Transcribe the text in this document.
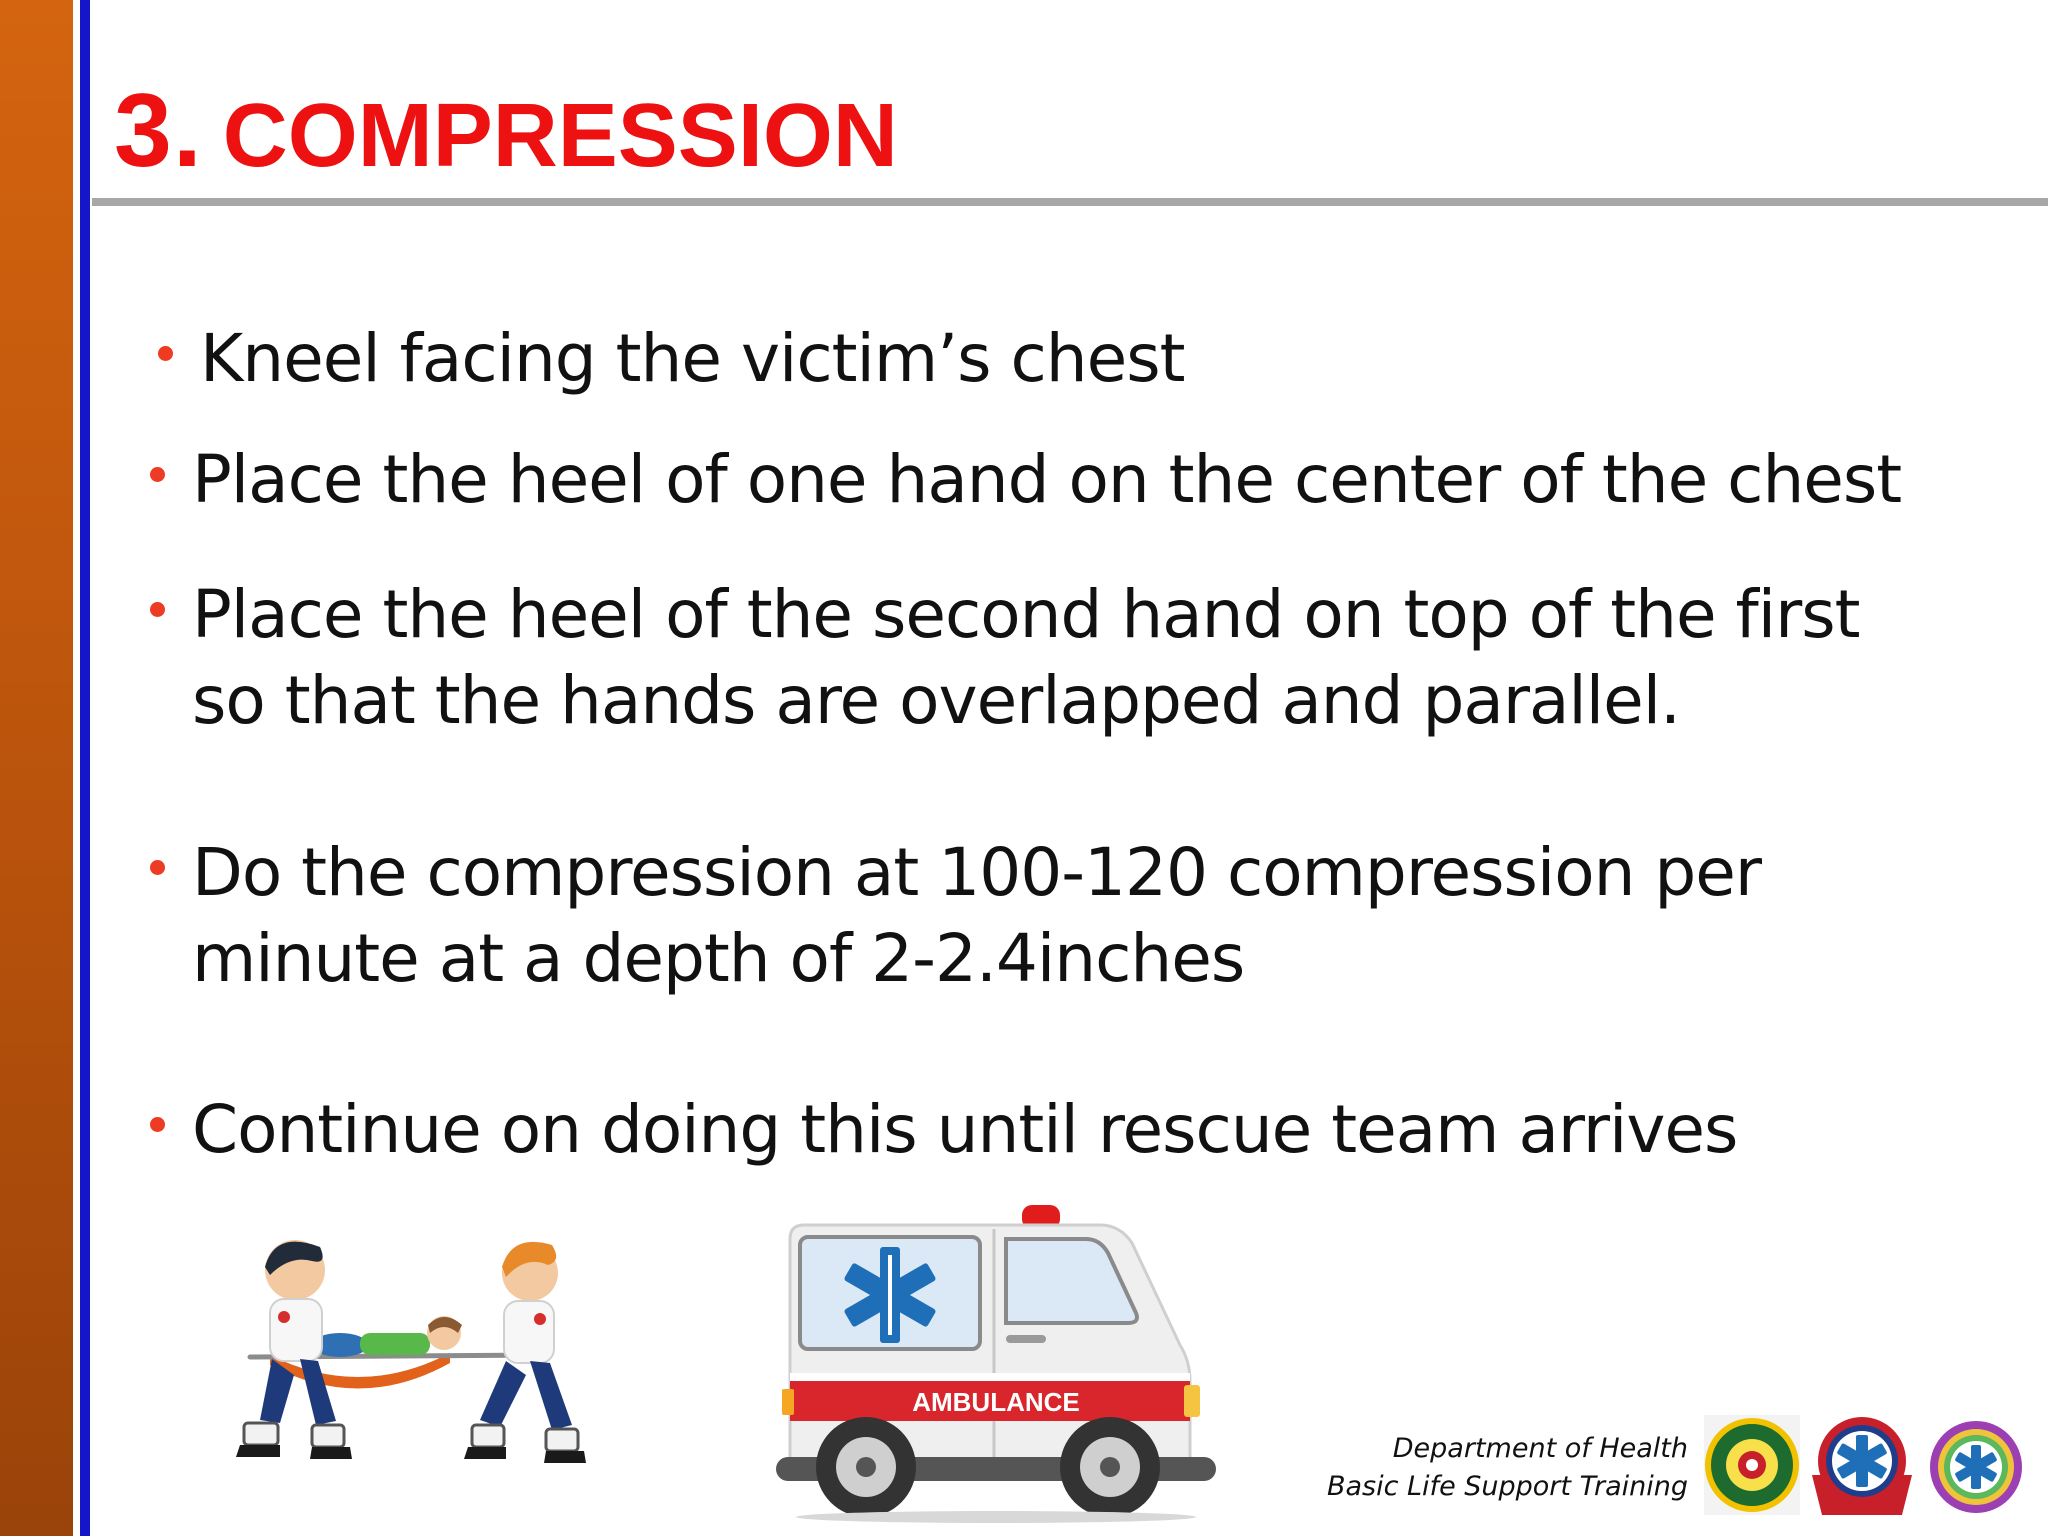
3. COMPRESSION
Kneel facing the victim’s chest
Place the heel of one hand on the center of the chest
Place the heel of the second hand on top of the first so that the hands are overlapped and parallel.
Do the compression at 100-120 compression per minute at a depth of 2-2.4inches
Continue on doing this until rescue team arrives
AMBULANCE
Department of Health
Basic Life Support Training
